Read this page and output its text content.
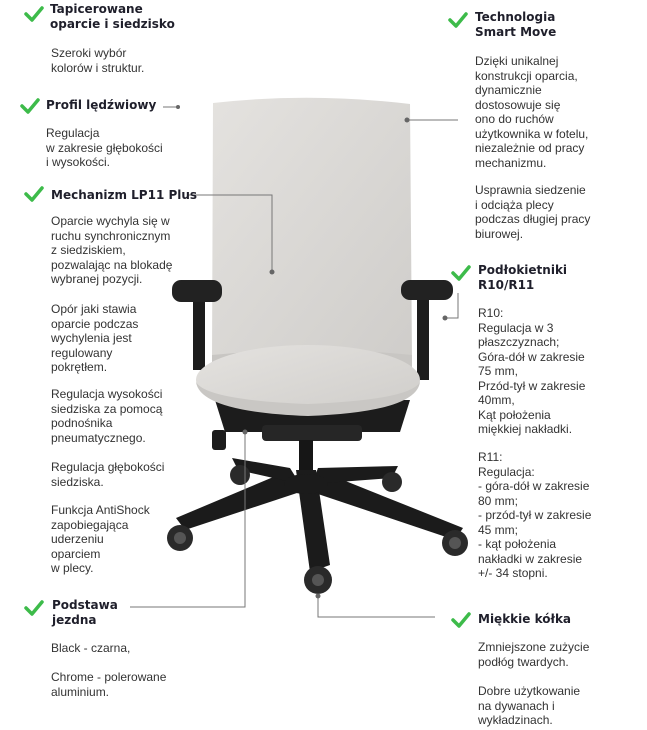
Tapicerowane
oparcie i siedzisko
Szeroki wybór
kolorów i struktur.
Profil lędźwiowy
Regulacja
w zakresie głębokości
i wysokości.
Mechanizm LP11 Plus
Oparcie wychyla się w
ruchu synchronicznym
z siedziskiem,
pozwalając na blokadę
wybranej pozycji.
Opór jaki stawia
oparcie podczas
wychylenia jest
regulowany
pokrętłem.
Regulacja wysokości
siedziska za pomocą
podnośnika
pneumatycznego.
Regulacja głębokości
siedziska.
Funkcja AntiShock
zapobiegająca
uderzeniu
oparciem
w plecy.
Podstawa
jezdna
Black - czarna,
Chrome - polerowane
aluminium.
Technologia
Smart Move
Dzięki unikalnej
konstrukcji oparcia,
dynamicznie
dostosowuje się
ono do ruchów
użytkownika w fotelu,
niezależnie od pracy
mechanizmu.
Usprawnia siedzenie
i odciąża plecy
podczas długiej pracy
biurowej.
Podłokietniki
R10/R11
R10:
Regulacja w 3
płaszczyznach;
Góra-dół w zakresie
75 mm,
Przód-tył w zakresie
40mm,
Kąt położenia
miękkiej nakładki.
R11:
Regulacja:
- góra-dół w zakresie
80 mm;
- przód-tył w zakresie
45 mm;
- kąt położenia
nakładki w zakresie
+/- 34 stopni.
Miękkie kółka
Zmniejszone zużycie
podłóg twardych.
Dobre użytkowanie
na dywanach i
wykładzinach.
